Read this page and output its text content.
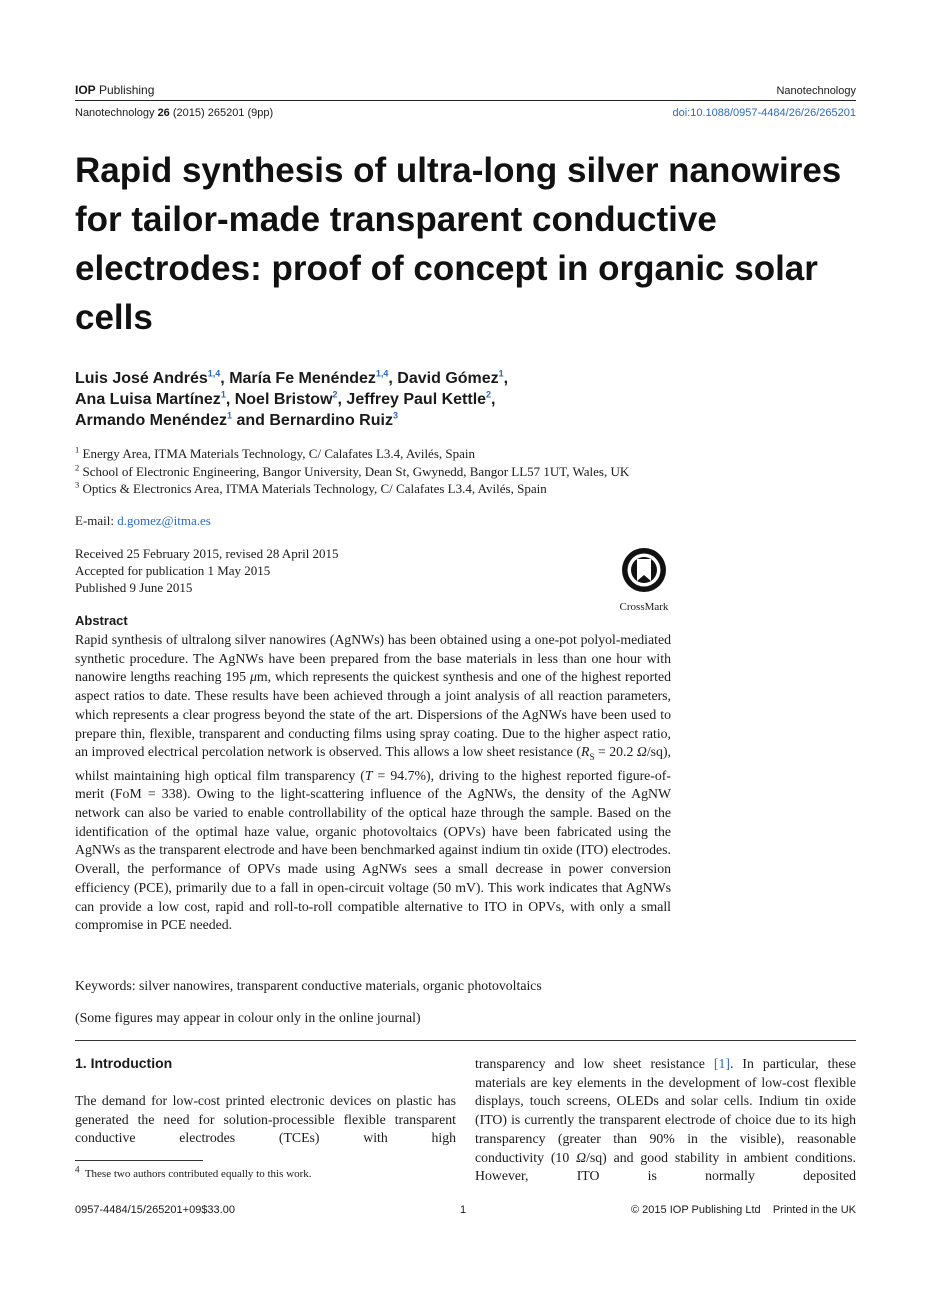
IOP Publishing	Nanotechnology
Nanotechnology 26 (2015) 265201 (9pp)	doi:10.1088/0957-4484/26/26/265201
Rapid synthesis of ultra-long silver nanowires for tailor-made transparent conductive electrodes: proof of concept in organic solar cells
Luis José Andrés$^{1,4}$, María Fe Menéndez$^{1,4}$, David Gómez$^1$,
Ana Luisa Martínez$^1$, Noel Bristow$^2$, Jeffrey Paul Kettle$^2$,
Armando Menéndez$^1$ and Bernardino Ruiz$^3$
$^1$ Energy Area, ITMA Materials Technology, C/ Calafates L3.4, Avilés, Spain
$^2$ School of Electronic Engineering, Bangor University, Dean St, Gwynedd, Bangor LL57 1UT, Wales, UK
$^3$ Optics & Electronics Area, ITMA Materials Technology, C/ Calafates L3.4, Avilés, Spain
E-mail: d.gomez@itma.es
Received 25 February 2015, revised 28 April 2015
Accepted for publication 1 May 2015
Published 9 June 2015
CrossMark
Abstract
Rapid synthesis of ultralong silver nanowires (AgNWs) has been obtained using a one-pot polyol-mediated synthetic procedure. The AgNWs have been prepared from the base materials in less than one hour with nanowire lengths reaching 195 μm, which represents the quickest synthesis and one of the highest reported aspect ratios to date. These results have been achieved through a joint analysis of all reaction parameters, which represents a clear progress beyond the state of the art. Dispersions of the AgNWs have been used to prepare thin, flexible, transparent and conducting films using spray coating. Due to the higher aspect ratio, an improved electrical percolation network is observed. This allows a low sheet resistance ($R_S = 20.2$ Ω/sq), whilst maintaining high optical film transparency (T = 94.7%), driving to the highest reported figure-of-merit (FoM = 338). Owing to the light-scattering influence of the AgNWs, the density of the AgNW network can also be varied to enable controllability of the optical haze through the sample. Based on the identification of the optimal haze value, organic photovoltaics (OPVs) have been fabricated using the AgNWs as the transparent electrode and have been benchmarked against indium tin oxide (ITO) electrodes. Overall, the performance of OPVs made using AgNWs sees a small decrease in power conversion efficiency (PCE), primarily due to a fall in open-circuit voltage (50 mV). This work indicates that AgNWs can provide a low cost, rapid and roll-to-roll compatible alternative to ITO in OPVs, with only a small compromise in PCE needed.
Keywords: silver nanowires, transparent conductive materials, organic photovoltaics
(Some figures may appear in colour only in the online journal)
1. Introduction
The demand for low-cost printed electronic devices on plastic has generated the need for solution-processible flexible transparent conductive electrodes (TCEs) with high
$^4$ These two authors contributed equally to this work.
transparency and low sheet resistance [1]. In particular, these materials are key elements in the development of low-cost flexible displays, touch screens, OLEDs and solar cells. Indium tin oxide (ITO) is currently the transparent electrode of choice due to its high transparency (greater than 90% in the visible), reasonable conductivity (10 Ω/sq) and good stability in ambient conditions. However, ITO is normally deposited
0957-4484/15/265201+09$33.00	1	© 2015 IOP Publishing Ltd    Printed in the UK
